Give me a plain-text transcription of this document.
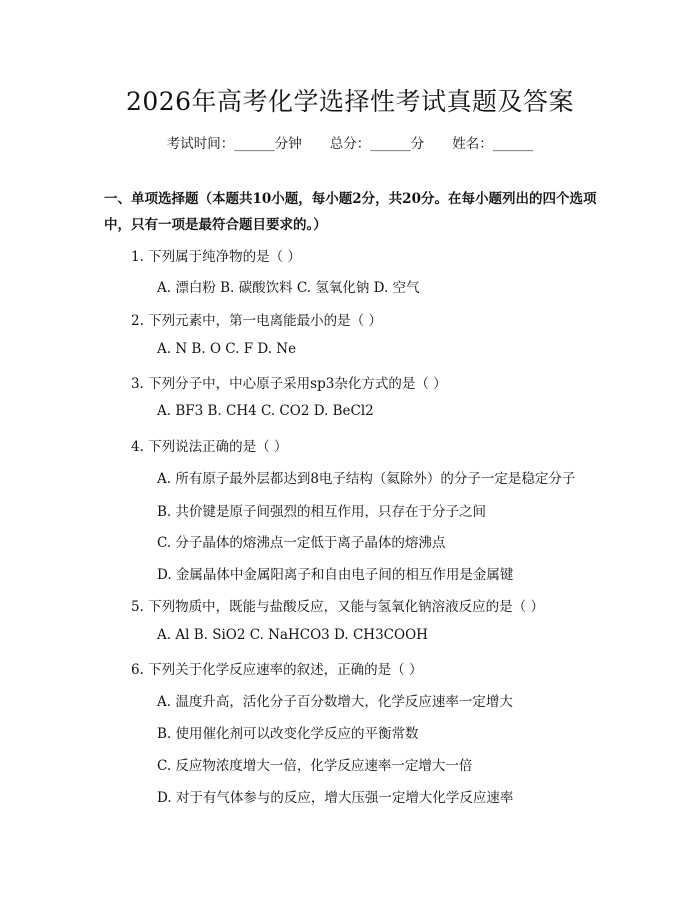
2026年高考化学选择性考试真题及答案
考试时间：______分钟 总分：______分 姓名：______
一、单项选择题（本题共10小题，每小题2分，共20分。在每小题列出的四个选项中，只有一项是最符合题目要求的。）
1. 下列属于纯净物的是（ ）
A. 漂白粉 B. 碳酸饮料 C. 氢氧化钠 D. 空气
2. 下列元素中，第一电离能最小的是（ ）
A. N B. O C. F D. Ne
3. 下列分子中，中心原子采用sp3杂化方式的是（ ）
A. BF3 B. CH4 C. CO2 D. BeCl2
4. 下列说法正确的是（ ）
A. 所有原子最外层都达到8电子结构（氦除外）的分子一定是稳定分子
B. 共价键是原子间强烈的相互作用，只存在于分子之间
C. 分子晶体的熔沸点一定低于离子晶体的熔沸点
D. 金属晶体中金属阳离子和自由电子间的相互作用是金属键
5. 下列物质中，既能与盐酸反应，又能与氢氧化钠溶液反应的是（ ）
A. Al B. SiO2 C. NaHCO3 D. CH3COOH
6. 下列关于化学反应速率的叙述，正确的是（ ）
A. 温度升高，活化分子百分数增大，化学反应速率一定增大
B. 使用催化剂可以改变化学反应的平衡常数
C. 反应物浓度增大一倍，化学反应速率一定增大一倍
D. 对于有气体参与的反应，增大压强一定增大化学反应速率
